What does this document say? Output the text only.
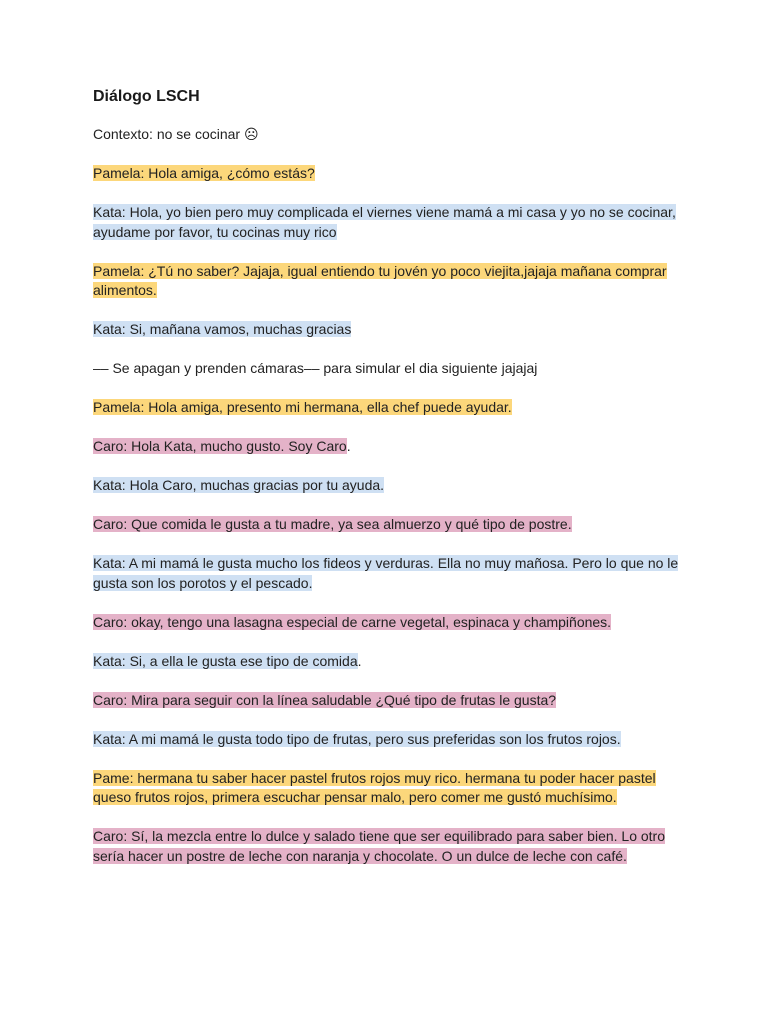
Diálogo LSCH
Contexto: no se cocinar ☹
Pamela: Hola amiga, ¿cómo estás?
Kata: Hola, yo bien pero muy complicada el viernes viene mamá a mi casa y yo no se cocinar, ayudame por favor, tu cocinas muy rico
Pamela: ¿Tú no saber? Jajaja, igual entiendo tu jovén yo poco viejita,jajaja mañana comprar alimentos.
Kata: Si, mañana vamos, muchas gracias
–– Se apagan y prenden cámaras–– para simular el dia siguiente jajajaj
Pamela: Hola amiga, presento mi hermana, ella chef puede ayudar.
Caro: Hola Kata, mucho gusto. Soy Caro.
Kata: Hola Caro, muchas gracias por tu ayuda.
Caro: Que comida le gusta a tu madre, ya sea almuerzo y qué tipo de postre.
Kata: A mi mamá le gusta mucho los fideos y verduras. Ella no muy mañosa. Pero lo que no le gusta son los porotos y el pescado.
Caro: okay, tengo una lasagna especial de carne vegetal, espinaca y champiñones.
Kata: Si, a ella le gusta ese tipo de comida.
Caro: Mira para seguir con la línea saludable ¿Qué tipo de frutas le gusta?
Kata: A mi mamá le gusta todo tipo de frutas, pero sus preferidas son los frutos rojos.
Pame: hermana tu saber hacer pastel frutos rojos muy rico. hermana tu poder hacer pastel queso frutos rojos, primera escuchar pensar malo, pero comer me gustó muchísimo.
Caro: Sí, la mezcla entre lo dulce y salado tiene que ser equilibrado para saber bien. Lo otro sería hacer un postre de leche con naranja y chocolate. O un dulce de leche con café.
